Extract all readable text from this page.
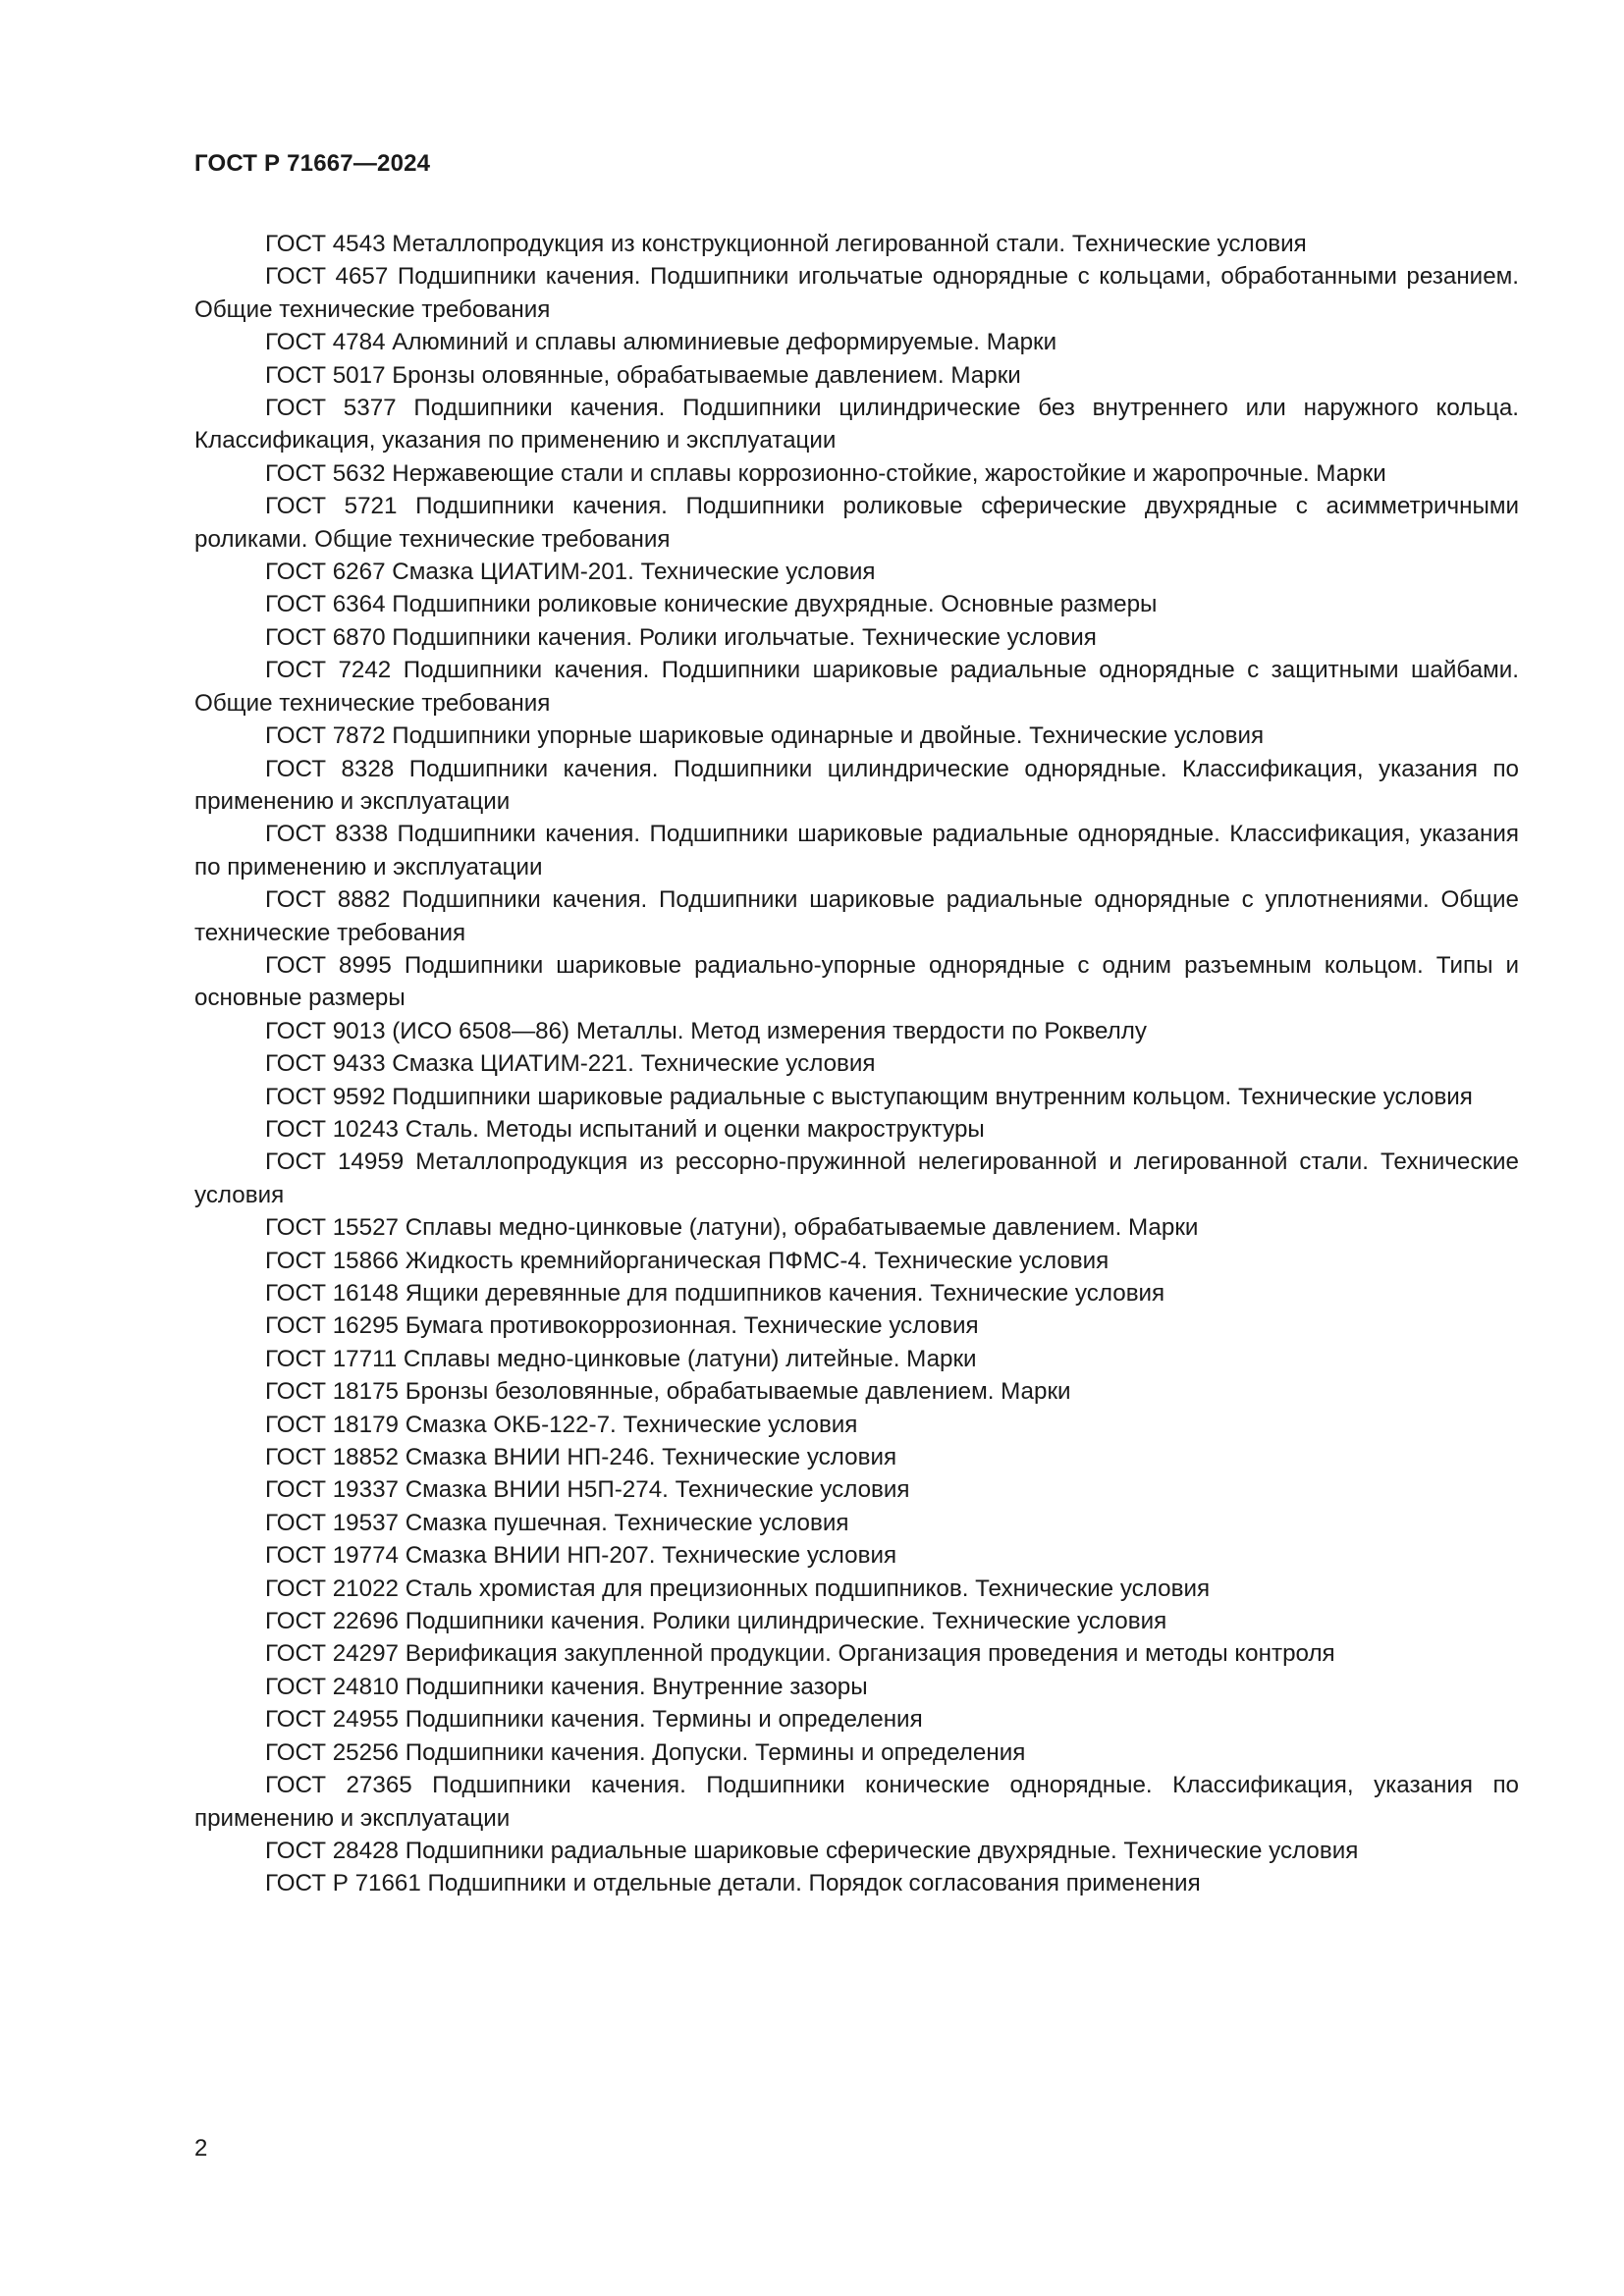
ГОСТ Р 71667—2024

ГОСТ 4543 Металлопродукция из конструкционной легированной стали. Технические условия

ГОСТ 4657 Подшипники качения. Подшипники игольчатые однорядные с кольцами, обработанными резанием. Общие технические требования

ГОСТ 4784 Алюминий и сплавы алюминиевые деформируемые. Марки

ГОСТ 5017 Бронзы оловянные, обрабатываемые давлением. Марки

ГОСТ 5377 Подшипники качения. Подшипники цилиндрические без внутреннего или наружного кольца. Классификация, указания по применению и эксплуатации

ГОСТ 5632 Нержавеющие стали и сплавы коррозионно-стойкие, жаростойкие и жаропрочные. Марки

ГОСТ 5721 Подшипники качения. Подшипники роликовые сферические двухрядные с асимметричными роликами. Общие технические требования

ГОСТ 6267 Смазка ЦИАТИМ-201. Технические условия

ГОСТ 6364 Подшипники роликовые конические двухрядные. Основные размеры

ГОСТ 6870 Подшипники качения. Ролики игольчатые. Технические условия

ГОСТ 7242 Подшипники качения. Подшипники шариковые радиальные однорядные с защитными шайбами. Общие технические требования

ГОСТ 7872 Подшипники упорные шариковые одинарные и двойные. Технические условия

ГОСТ 8328 Подшипники качения. Подшипники цилиндрические однорядные. Классификация, указания по применению и эксплуатации

ГОСТ 8338 Подшипники качения. Подшипники шариковые радиальные однорядные. Классификация, указания по применению и эксплуатации

ГОСТ 8882 Подшипники качения. Подшипники шариковые радиальные однорядные с уплотнениями. Общие технические требования

ГОСТ 8995 Подшипники шариковые радиально-упорные однорядные с одним разъемным кольцом. Типы и основные размеры

ГОСТ 9013 (ИСО 6508—86) Металлы. Метод измерения твердости по Роквеллу

ГОСТ 9433 Смазка ЦИАТИМ-221. Технические условия

ГОСТ 9592 Подшипники шариковые радиальные с выступающим внутренним кольцом. Технические условия

ГОСТ 10243 Сталь. Методы испытаний и оценки макроструктуры

ГОСТ 14959 Металлопродукция из рессорно-пружинной нелегированной и легированной стали. Технические условия

ГОСТ 15527 Сплавы медно-цинковые (латуни), обрабатываемые давлением. Марки

ГОСТ 15866 Жидкость кремнийорганическая ПФМС-4. Технические условия

ГОСТ 16148 Ящики деревянные для подшипников качения. Технические условия

ГОСТ 16295 Бумага противокоррозионная. Технические условия

ГОСТ 17711 Сплавы медно-цинковые (латуни) литейные. Марки

ГОСТ 18175 Бронзы безоловянные, обрабатываемые давлением. Марки

ГОСТ 18179 Смазка ОКБ-122-7. Технические условия

ГОСТ 18852 Смазка ВНИИ НП-246. Технические условия

ГОСТ 19337 Смазка ВНИИ Н5П-274. Технические условия

ГОСТ 19537 Смазка пушечная. Технические условия

ГОСТ 19774 Смазка ВНИИ НП-207. Технические условия

ГОСТ 21022 Сталь хромистая для прецизионных подшипников. Технические условия

ГОСТ 22696 Подшипники качения. Ролики цилиндрические. Технические условия

ГОСТ 24297 Верификация закупленной продукции. Организация проведения и методы контроля

ГОСТ 24810 Подшипники качения. Внутренние зазоры

ГОСТ 24955 Подшипники качения. Термины и определения

ГОСТ 25256 Подшипники качения. Допуски. Термины и определения

ГОСТ 27365 Подшипники качения. Подшипники конические однорядные. Классификация, указания по применению и эксплуатации

ГОСТ 28428 Подшипники радиальные шариковые сферические двухрядные. Технические условия

ГОСТ Р 71661 Подшипники и отдельные детали. Порядок согласования применения

2
